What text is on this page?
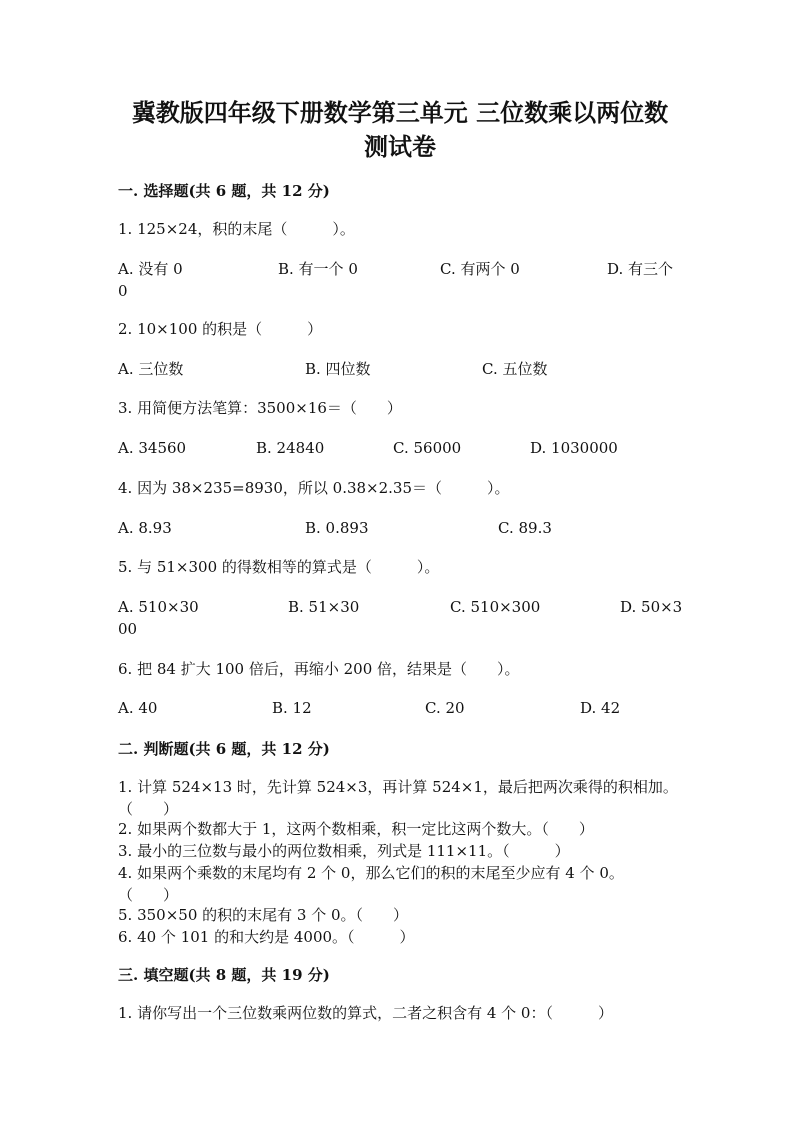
冀教版四年级下册数学第三单元 三位数乘以两位数
测试卷
一. 选择题(共 6 题，共 12 分)
1. 125×24，积的末尾（　　　）。
A. 没有 0	B. 有一个 0	C. 有两个 0	D. 有三个
0
2. 10×100 的积是（　　　）
A. 三位数	B. 四位数	C. 五位数
3. 用简便方法笔算：3500×16＝（　　）
A. 34560	B. 24840	C. 56000	D. 1030000
4. 因为 38×235=8930，所以 0.38×2.35＝（　　　）。
A. 8.93	B. 0.893	C. 89.3
5. 与 51×300 的得数相等的算式是（　　　）。
A. 510×30	B. 51×30	C. 510×300	D. 50×3
00
6. 把 84 扩大 100 倍后，再缩小 200 倍，结果是（　　）。
A. 40	B. 12	C. 20	D. 42
二. 判断题(共 6 题，共 12 分)
1. 计算 524×13 时，先计算 524×3，再计算 524×1，最后把两次乘得的积相加。（　　）
2. 如果两个数都大于 1，这两个数相乘，积一定比这两个数大。（　　）
3. 最小的三位数与最小的两位数相乘，列式是 111×11。（　　　）
4. 如果两个乘数的末尾均有 2 个 0，那么它们的积的末尾至少应有 4 个 0。（　　）
5. 350×50 的积的末尾有 3 个 0。（　　）
6. 40 个 101 的和大约是 4000。（　　　）
三. 填空题(共 8 题，共 19 分)
1. 请你写出一个三位数乘两位数的算式，二者之积含有 4 个 0：（　　　）
